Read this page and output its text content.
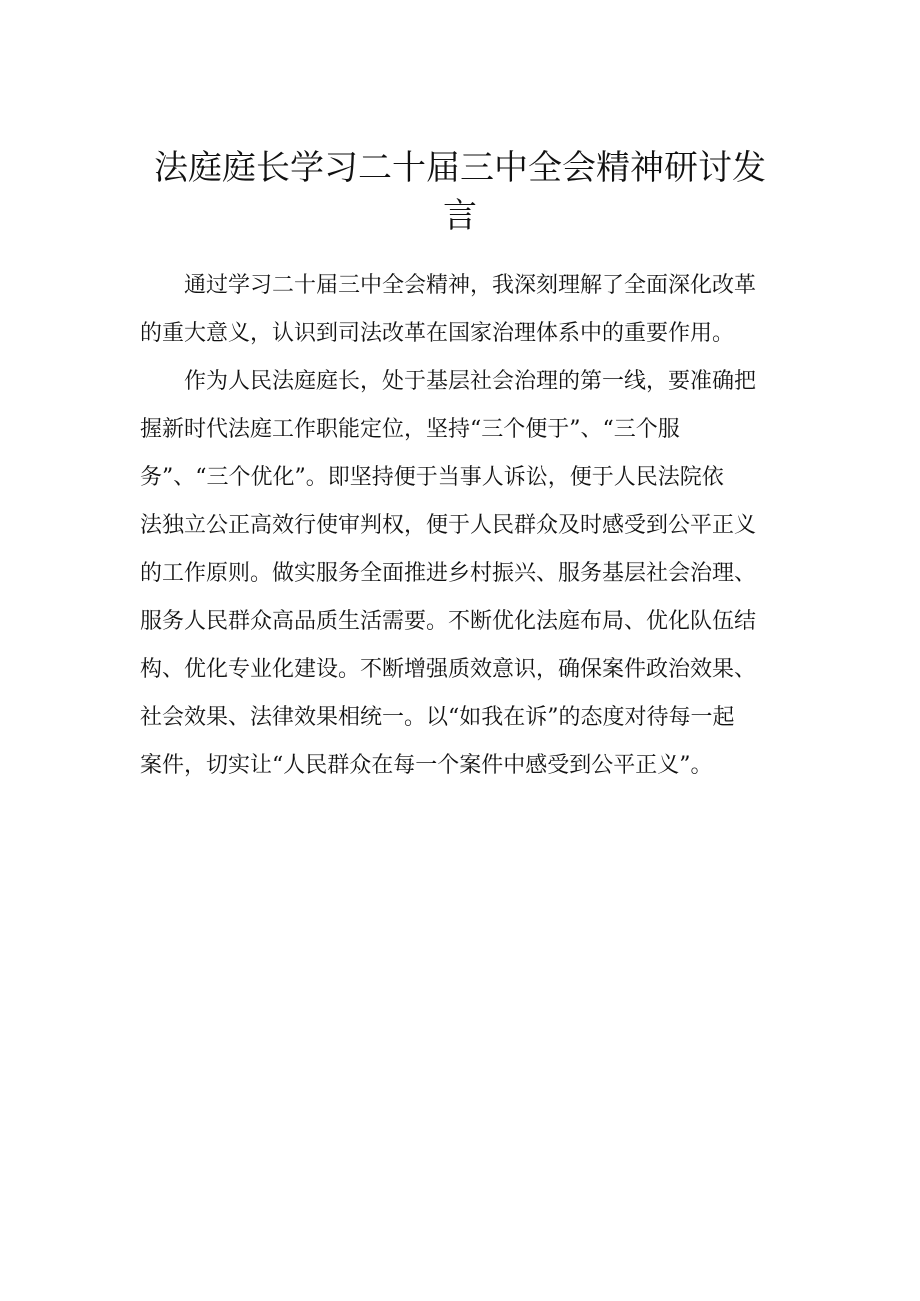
法庭庭长学习二十届三中全会精神研讨发
言
通过学习二十届三中全会精神，我深刻理解了全面深化改革
的重大意义，认识到司法改革在国家治理体系中的重要作用。
作为人民法庭庭长，处于基层社会治理的第一线，要准确把
握新时代法庭工作职能定位，坚持“三个便于”、“三个服
务”、“三个优化”。即坚持便于当事人诉讼，便于人民法院依
法独立公正高效行使审判权，便于人民群众及时感受到公平正义
的工作原则。做实服务全面推进乡村振兴、服务基层社会治理、
服务人民群众高品质生活需要。不断优化法庭布局、优化队伍结
构、优化专业化建设。不断增强质效意识，确保案件政治效果、
社会效果、法律效果相统一。以“如我在诉”的态度对待每一起
案件，切实让“人民群众在每一个案件中感受到公平正义”。
